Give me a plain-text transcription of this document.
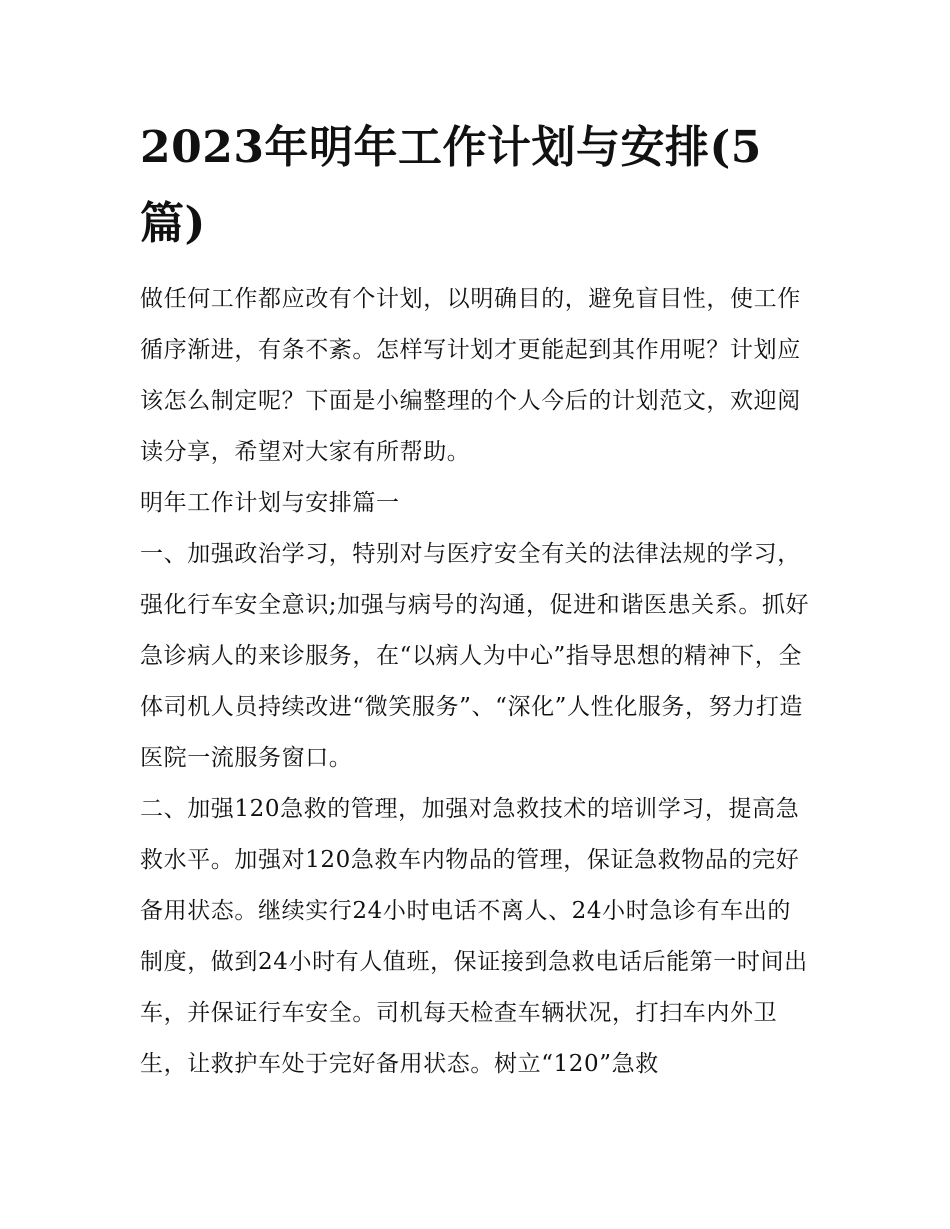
2023年明年工作计划与安排(5篇)

做任何工作都应改有个计划，以明确目的，避免盲目性，使工作循序渐进，有条不紊。怎样写计划才更能起到其作用呢？计划应该怎么制定呢？下面是小编整理的个人今后的计划范文，欢迎阅读分享，希望对大家有所帮助。

明年工作计划与安排篇一

一、加强政治学习，特别对与医疗安全有关的法律法规的学习，强化行车安全意识;加强与病号的沟通，促进和谐医患关系。抓好急诊病人的来诊服务，在“以病人为中心”指导思想的精神下，全体司机人员持续改进“微笑服务”、“深化”人性化服务，努力打造医院一流服务窗口。

二、加强120急救的管理，加强对急救技术的培训学习，提高急救水平。加强对120急救车内物品的管理，保证急救物品的完好备用状态。继续实行24小时电话不离人、24小时急诊有车出的制度，做到24小时有人值班，保证接到急救电话后能第一时间出车，并保证行车安全。司机每天检查车辆状况，打扫车内外卫生，让救护车处于完好备用状态。树立“120”急救
